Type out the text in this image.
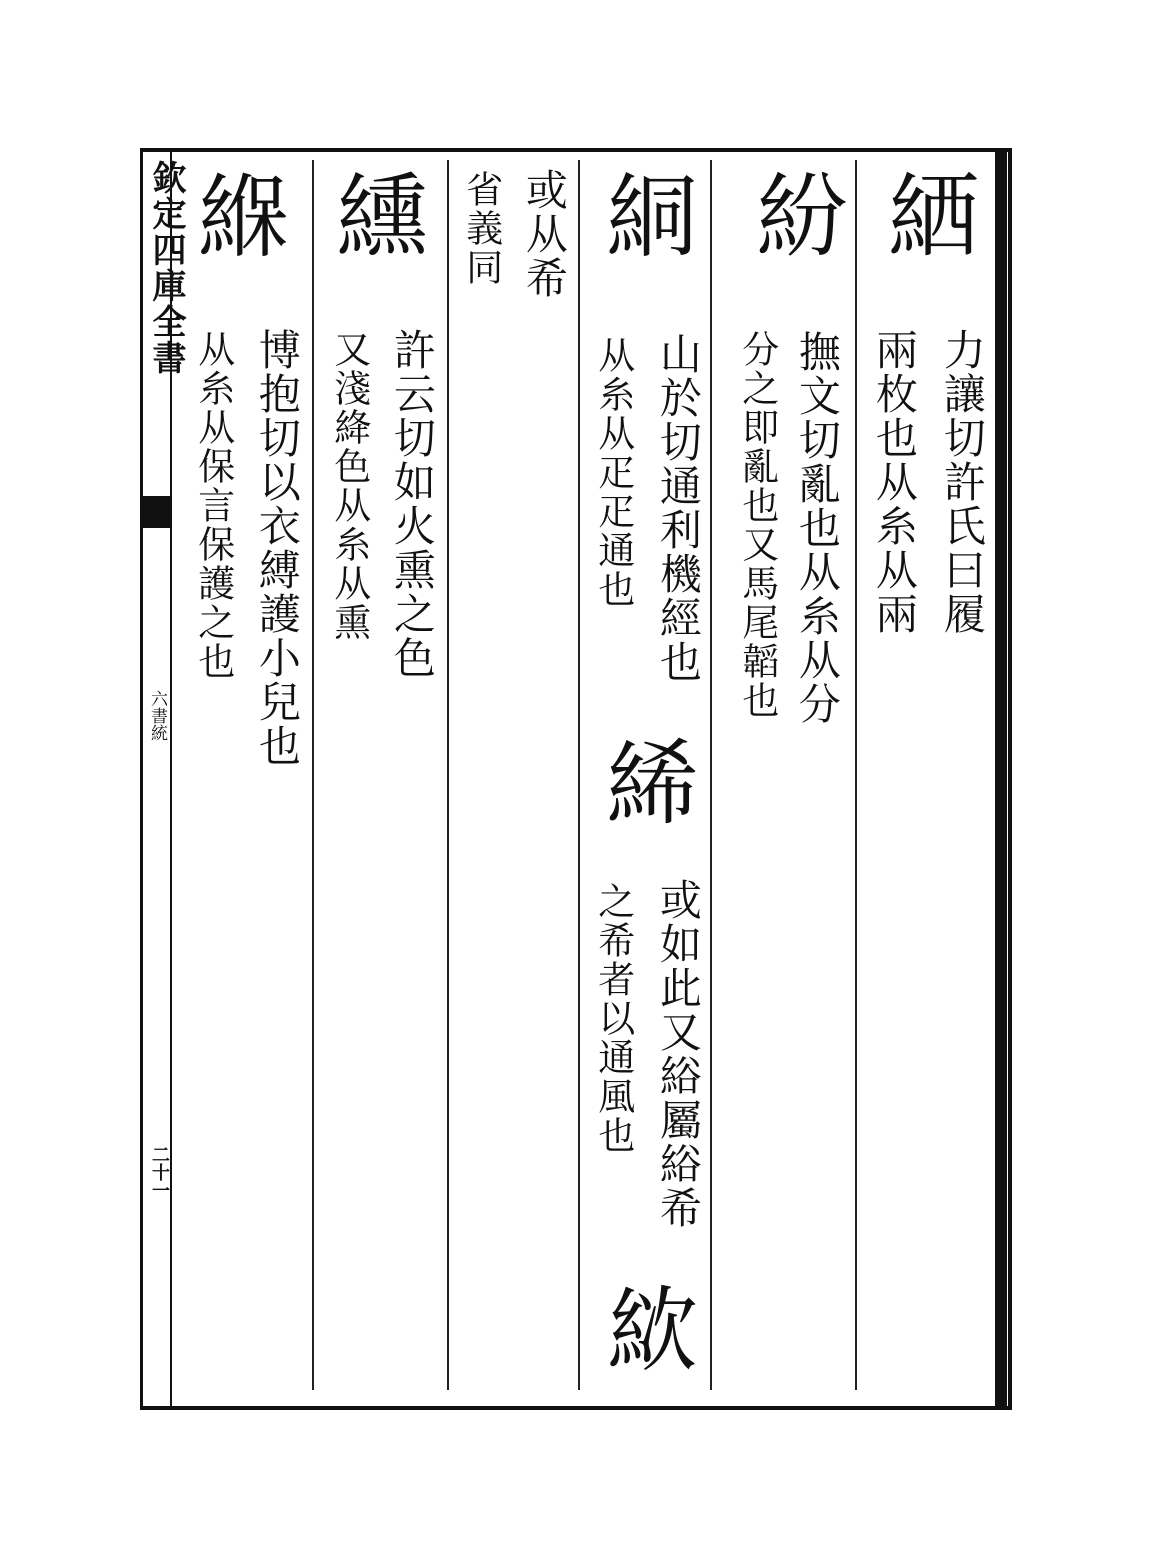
欽定四庫全書
六書統
二十一
絤
力讓切許氏曰履
兩枚也从糸从兩
紛
撫文切亂也从糸从分
分之即亂也又馬尾韜也
絧
山於切通利機經也
从糸从疋疋通也
絺
或如此又綌屬綌希
之希者以通風也
絘
或从希
省義同
纁
許云切如火熏之色
又淺絳色从糸从熏
緥
博抱切以衣縛護小兒也
从糸从保言保護之也
